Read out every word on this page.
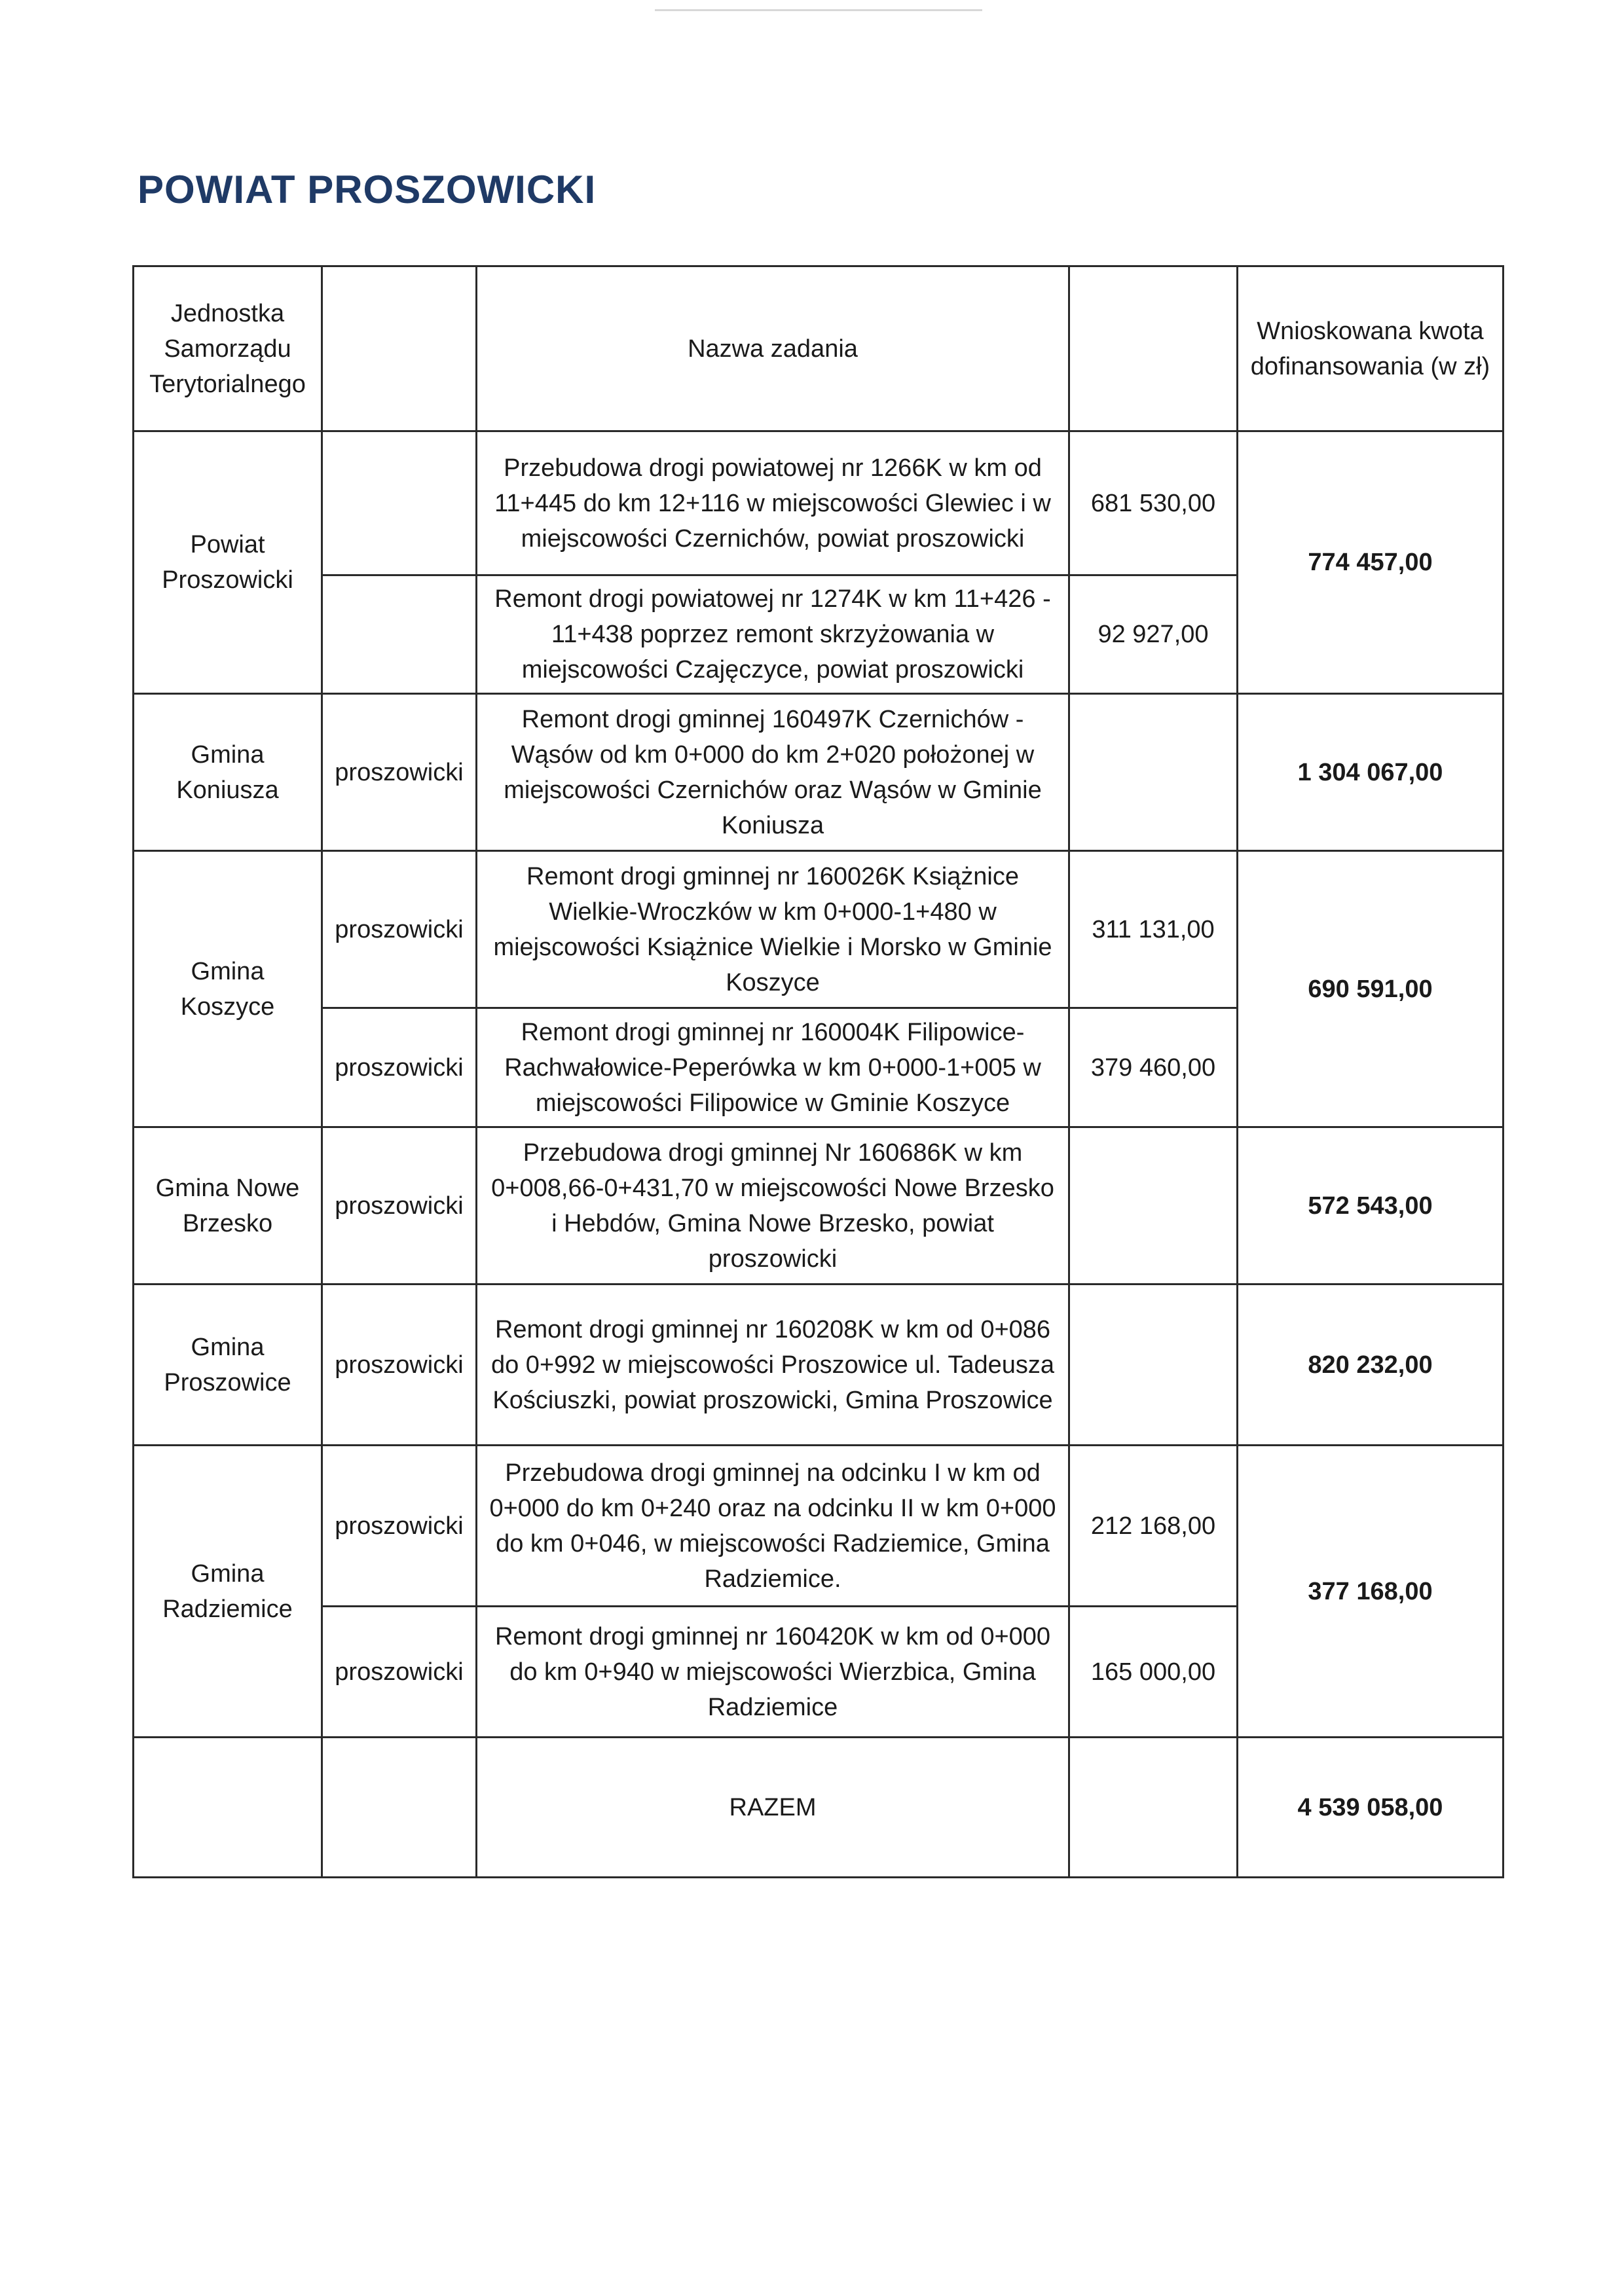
POWIAT PROSZOWICKI
Jednostka Samorządu Terytorialnego		Nazwa zadania		Wnioskowana kwota dofinansowania (w zł)
Powiat Proszowicki		Przebudowa drogi powiatowej nr 1266K w km od 11+445 do km 12+116 w miejscowości Glewiec i w miejscowości Czernichów, powiat proszowicki	681 530,00	774 457,00
		Remont drogi powiatowej nr 1274K w km 11+426 - 11+438 poprzez remont skrzyżowania w miejscowości Czajęczyce, powiat proszowicki	92 927,00	
Gmina Koniusza	proszowicki	Remont drogi gminnej 160497K Czernichów - Wąsów od km 0+000 do km 2+020 położonej w miejscowości Czernichów oraz Wąsów w Gminie Koniusza		1 304 067,00
Gmina Koszyce	proszowicki	Remont drogi gminnej nr 160026K Książnice Wielkie-Wroczków w km 0+000-1+480 w miejscowości Książnice Wielkie i Morsko w Gminie Koszyce	311 131,00	690 591,00
	proszowicki	Remont drogi gminnej nr 160004K Filipowice-Rachwałowice-Peperówka w km 0+000-1+005 w miejscowości Filipowice w Gminie Koszyce	379 460,00	
Gmina Nowe Brzesko	proszowicki	Przebudowa drogi gminnej Nr 160686K w km 0+008,66-0+431,70 w miejscowości Nowe Brzesko i Hebdów, Gmina Nowe Brzesko, powiat proszowicki		572 543,00
Gmina Proszowice	proszowicki	Remont drogi gminnej nr 160208K w km od 0+086 do 0+992 w miejscowości Proszowice ul. Tadeusza Kościuszki, powiat proszowicki, Gmina Proszowice		820 232,00
Gmina Radziemice	proszowicki	Przebudowa drogi gminnej na odcinku I w km od 0+000 do km 0+240 oraz na odcinku II w km 0+000 do km 0+046, w miejscowości Radziemice, Gmina Radziemice.	212 168,00	377 168,00
	proszowicki	Remont drogi gminnej nr 160420K w km od 0+000 do km 0+940 w miejscowości Wierzbica, Gmina Radziemice	165 000,00	
		RAZEM		4 539 058,00
